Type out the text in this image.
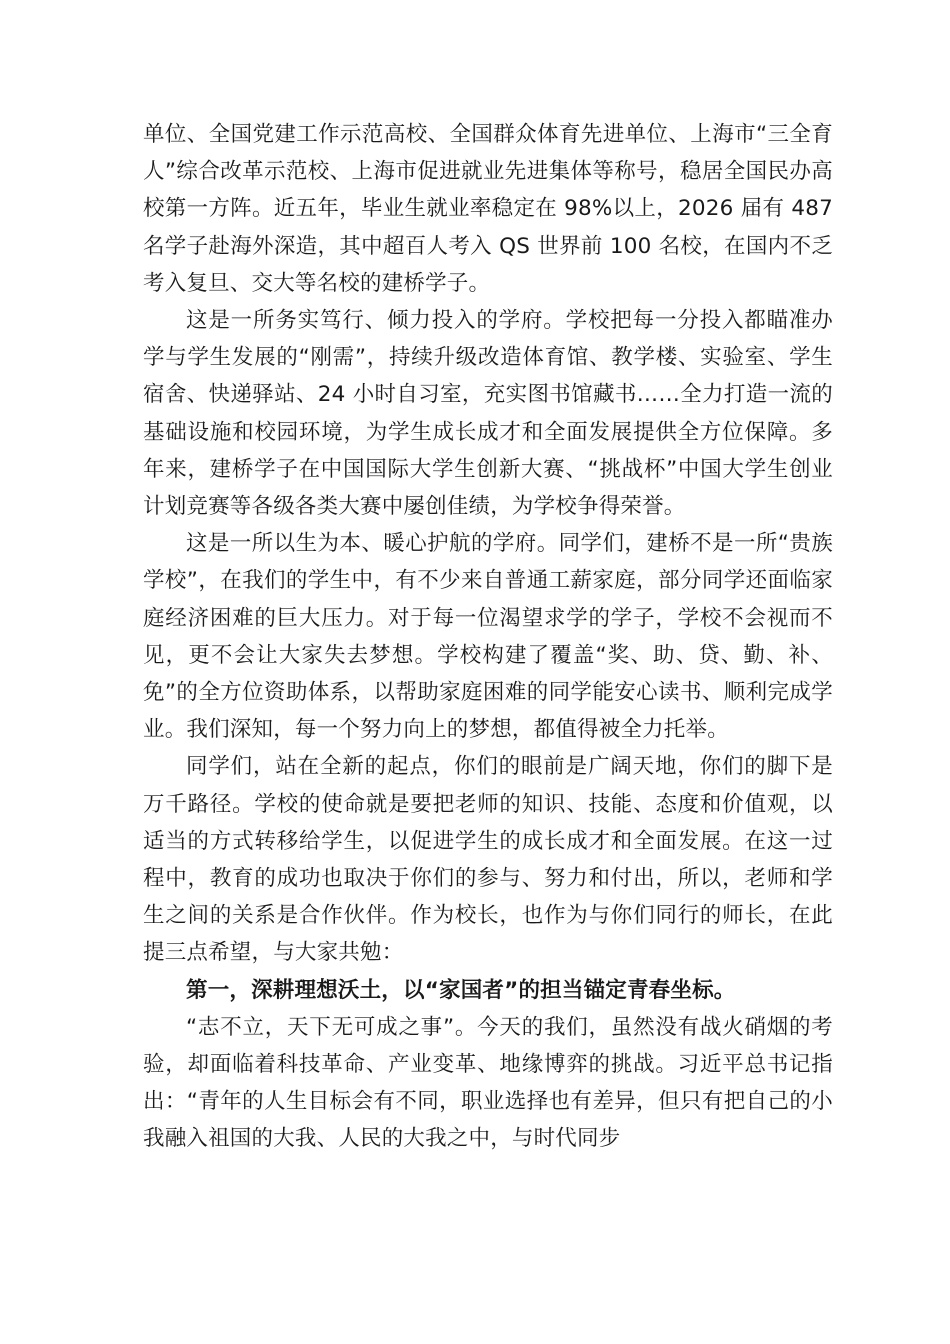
单位、全国党建工作示范高校、全国群众体育先进单位、上海市“三全育人”综合改革示范校、上海市促进就业先进集体等称号，稳居全国民办高校第一方阵。近五年，毕业生就业率稳定在 98%以上，2026 届有 487 名学子赴海外深造，其中超百人考入 QS 世界前 100 名校，在国内不乏考入复旦、交大等名校的建桥学子。

这是一所务实笃行、倾力投入的学府。学校把每一分投入都瞄准办学与学生发展的“刚需”，持续升级改造体育馆、教学楼、实验室、学生宿舍、快递驿站、24 小时自习室，充实图书馆藏书……全力打造一流的基础设施和校园环境，为学生成长成才和全面发展提供全方位保障。多年来，建桥学子在中国国际大学生创新大赛、“挑战杯”中国大学生创业计划竞赛等各级各类大赛中屡创佳绩，为学校争得荣誉。

这是一所以生为本、暖心护航的学府。同学们，建桥不是一所“贵族学校”，在我们的学生中，有不少来自普通工薪家庭，部分同学还面临家庭经济困难的巨大压力。对于每一位渴望求学的学子，学校不会视而不见，更不会让大家失去梦想。学校构建了覆盖“奖、助、贷、勤、补、免”的全方位资助体系，以帮助家庭困难的同学能安心读书、顺利完成学业。我们深知，每一个努力向上的梦想，都值得被全力托举。

同学们，站在全新的起点，你们的眼前是广阔天地，你们的脚下是万千路径。学校的使命就是要把老师的知识、技能、态度和价值观，以适当的方式转移给学生，以促进学生的成长成才和全面发展。在这一过程中，教育的成功也取决于你们的参与、努力和付出，所以，老师和学生之间的关系是合作伙伴。作为校长，也作为与你们同行的师长，在此提三点希望，与大家共勉：

第一，深耕理想沃土，以“家国者”的担当锚定青春坐标。

“志不立，天下无可成之事”。今天的我们，虽然没有战火硝烟的考验，却面临着科技革命、产业变革、地缘博弈的挑战。习近平总书记指出：“青年的人生目标会有不同，职业选择也有差异，但只有把自己的小我融入祖国的大我、人民的大我之中，与时代同步
